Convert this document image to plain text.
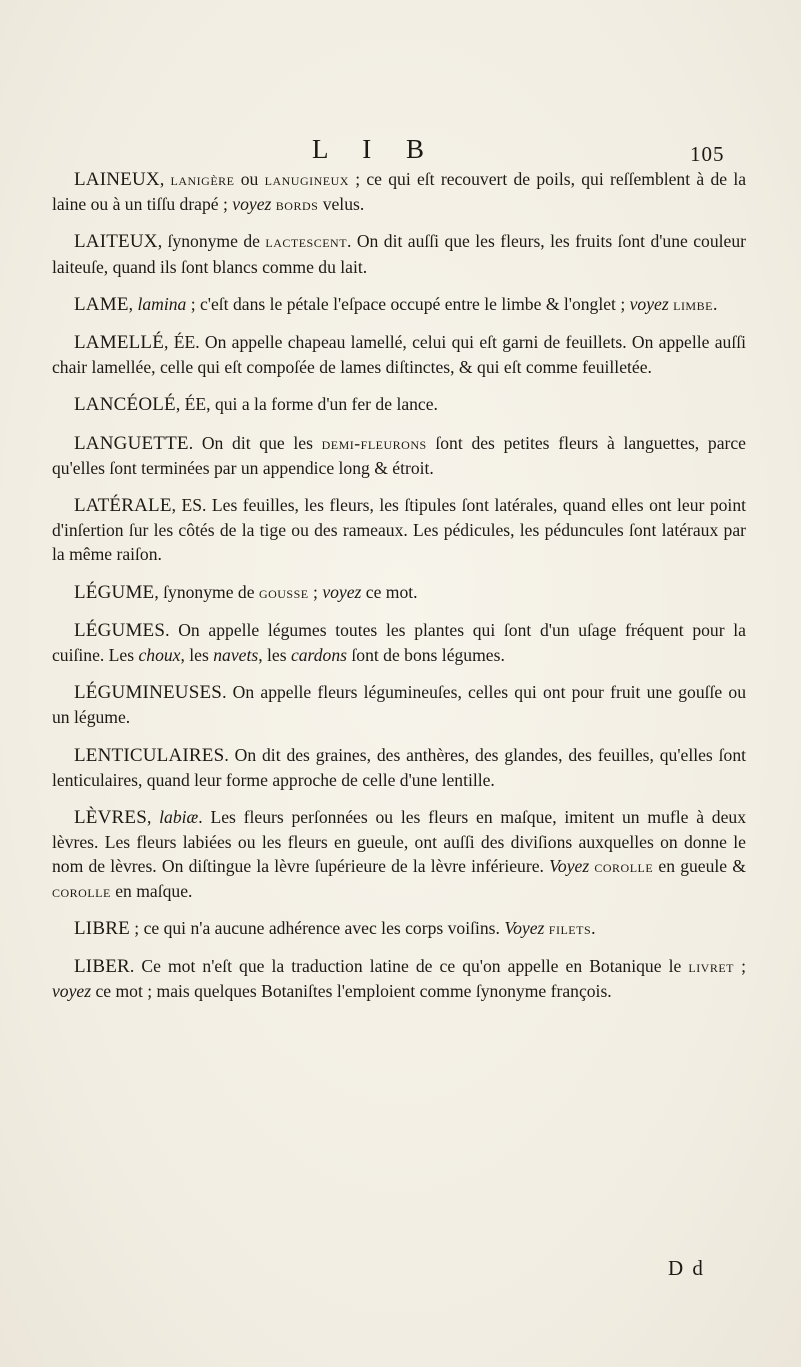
L I B	105

LAINEUX, lanigère ou lanugineux ; ce qui eſt recouvert de poils, qui reſſemblent à de la laine ou à un tiſſu drapé ; voyez bords velus.

LAITEUX, ſynonyme de lactescent. On dit auſſi que les fleurs, les fruits ſont d'une couleur laiteuſe, quand ils ſont blancs comme du lait.

LAME, lamina ; c'eſt dans le pétale l'eſpace occupé entre le limbe & l'onglet ; voyez limbe.

LAMELLÉ, ÉE. On appelle chapeau lamellé, celui qui eſt garni de feuillets. On appelle auſſi chair lamellée, celle qui eſt compoſée de lames diſtinctes, & qui eſt comme feuilletée.

LANCÉOLÉ, ÉE, qui a la forme d'un fer de lance.

LANGUETTE. On dit que les demi-fleurons ſont des petites fleurs à languettes, parce qu'elles ſont terminées par un appendice long & étroit.

LATÉRALE, ES. Les feuilles, les fleurs, les ſtipules ſont latérales, quand elles ont leur point d'inſertion ſur les côtés de la tige ou des rameaux. Les pédicules, les péduncules ſont latéraux par la même raiſon.

LÉGUME, ſynonyme de gousse ; voyez ce mot.

LÉGUMES. On appelle légumes toutes les plantes qui ſont d'un uſage fréquent pour la cuiſine. Les choux, les navets, les cardons ſont de bons légumes.

LÉGUMINEUSES. On appelle fleurs légumineuſes, celles qui ont pour fruit une gouſſe ou un légume.

LENTICULAIRES. On dit des graines, des anthères, des glandes, des feuilles, qu'elles ſont lenticulaires, quand leur forme approche de celle d'une lentille.

LÈVRES, labiæ. Les fleurs perſonnées ou les fleurs en maſque, imitent un mufle à deux lèvres. Les fleurs labiées ou les fleurs en gueule, ont auſſi des diviſions auxquelles on donne le nom de lèvres. On diſtingue la lèvre ſupérieure de la lèvre inférieure. Voyez corolle en gueule & corolle en maſque.

LIBRE ; ce qui n'a aucune adhérence avec les corps voiſins. Voyez filets.

LIBER. Ce mot n'eſt que la traduction latine de ce qu'on appelle en Botanique le livret ; voyez ce mot ; mais quelques Botaniſtes l'emploient comme ſynonyme françois.

D d
